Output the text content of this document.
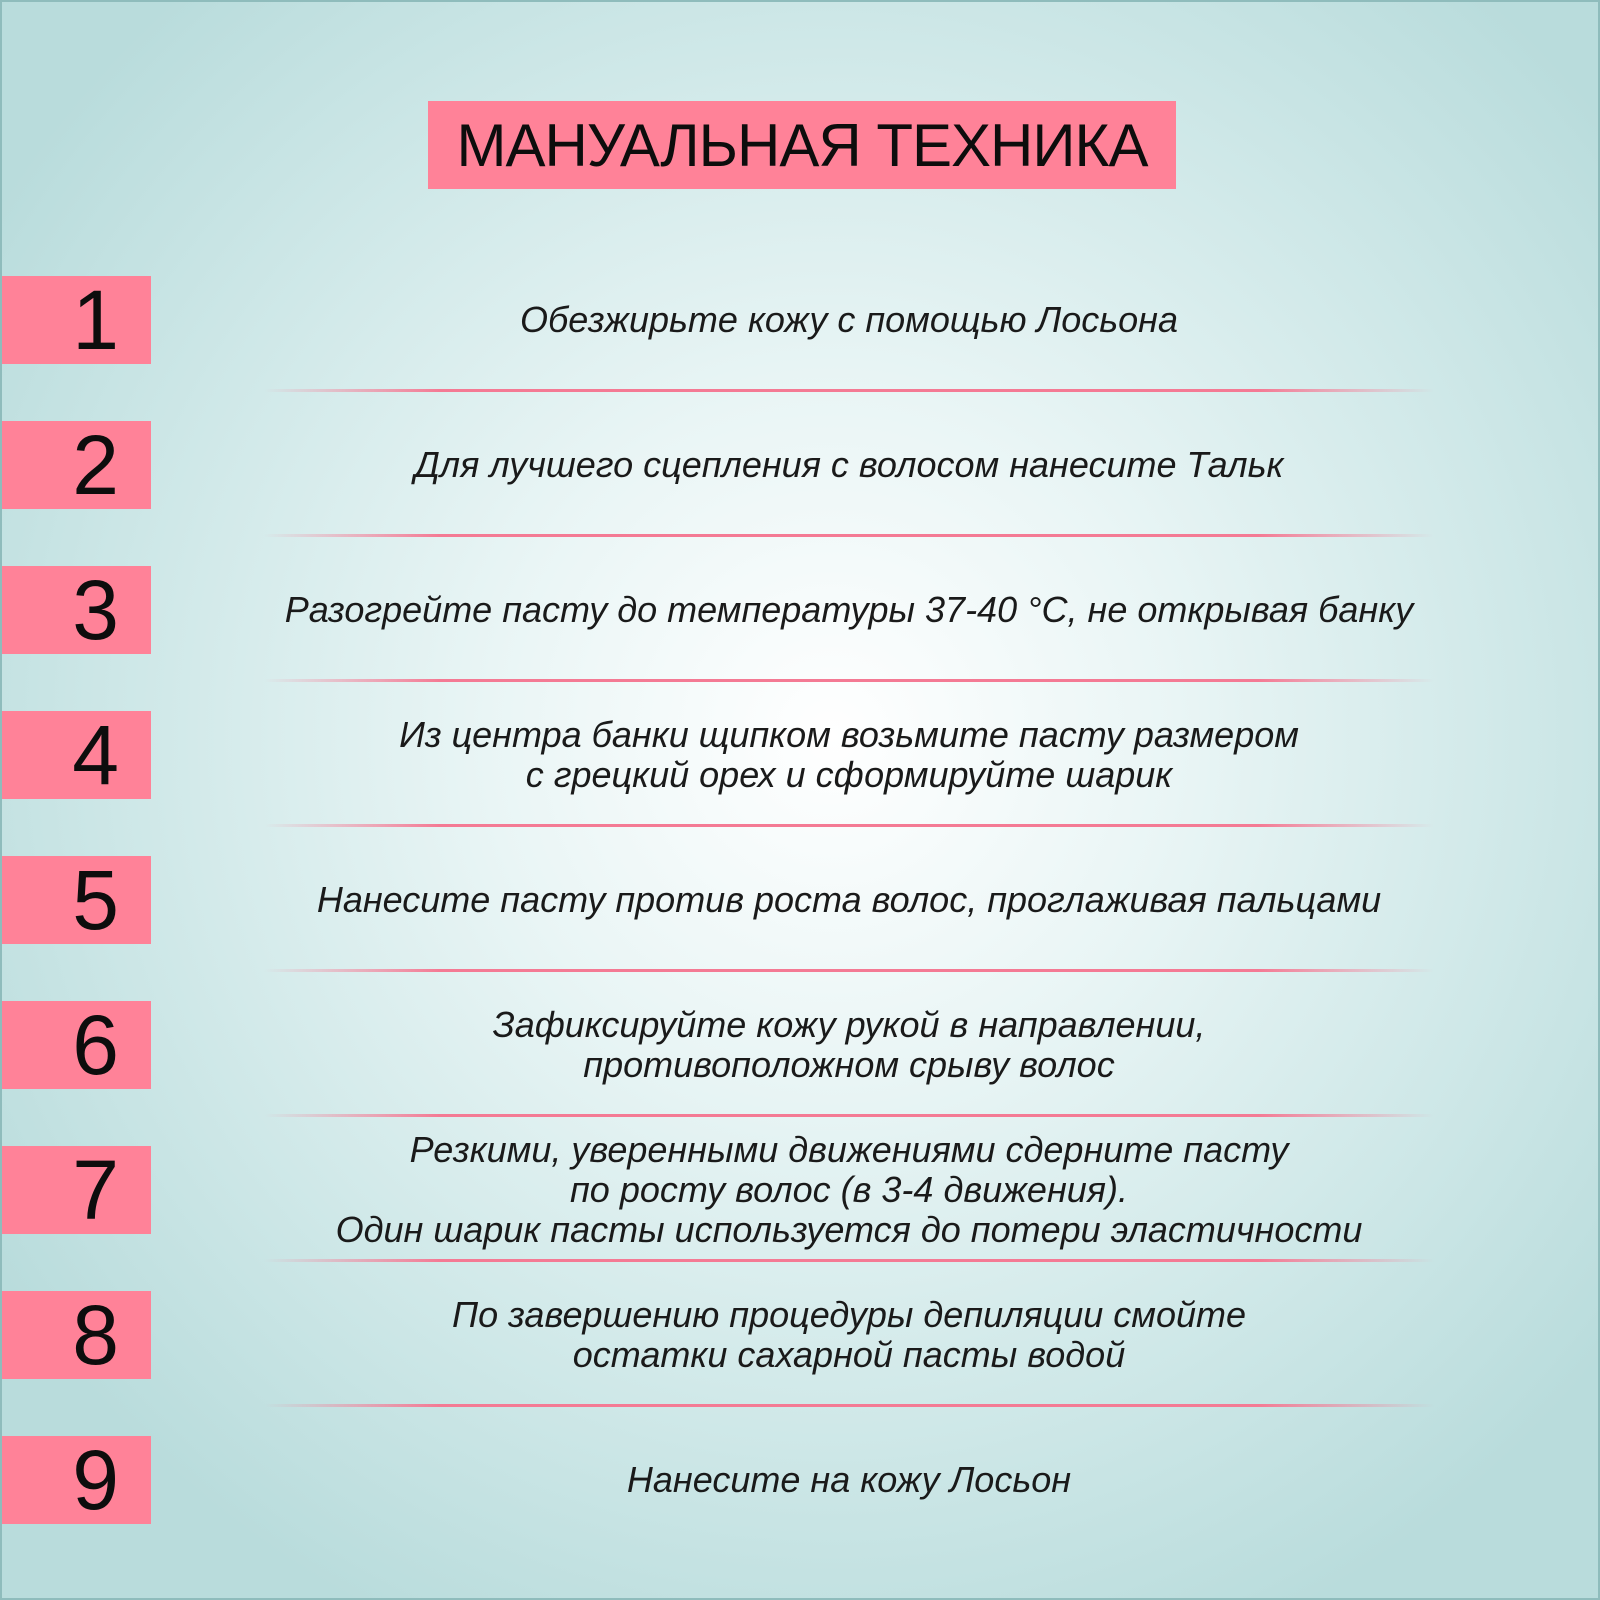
МАНУАЛЬНАЯ ТЕХНИКА
1	Обезжирьте кожу с помощью Лосьона
2	Для лучшего сцепления с волосом нанесите Тальк
3	Разогрейте пасту до температуры 37-40 °С, не открывая банку
4	Из центра банки щипком возьмите пасту размером
с грецкий орех и сформируйте шарик
5	Нанесите пасту против роста волос, проглаживая пальцами
6	Зафиксируйте кожу рукой в направлении,
противоположном срыву волос
7	Резкими, уверенными движениями сдерните пасту
по росту волос (в 3-4 движения).
Один шарик пасты используется до потери эластичности
8	По завершению процедуры депиляции смойте
остатки сахарной пасты водой
9	Нанесите на кожу Лосьон
